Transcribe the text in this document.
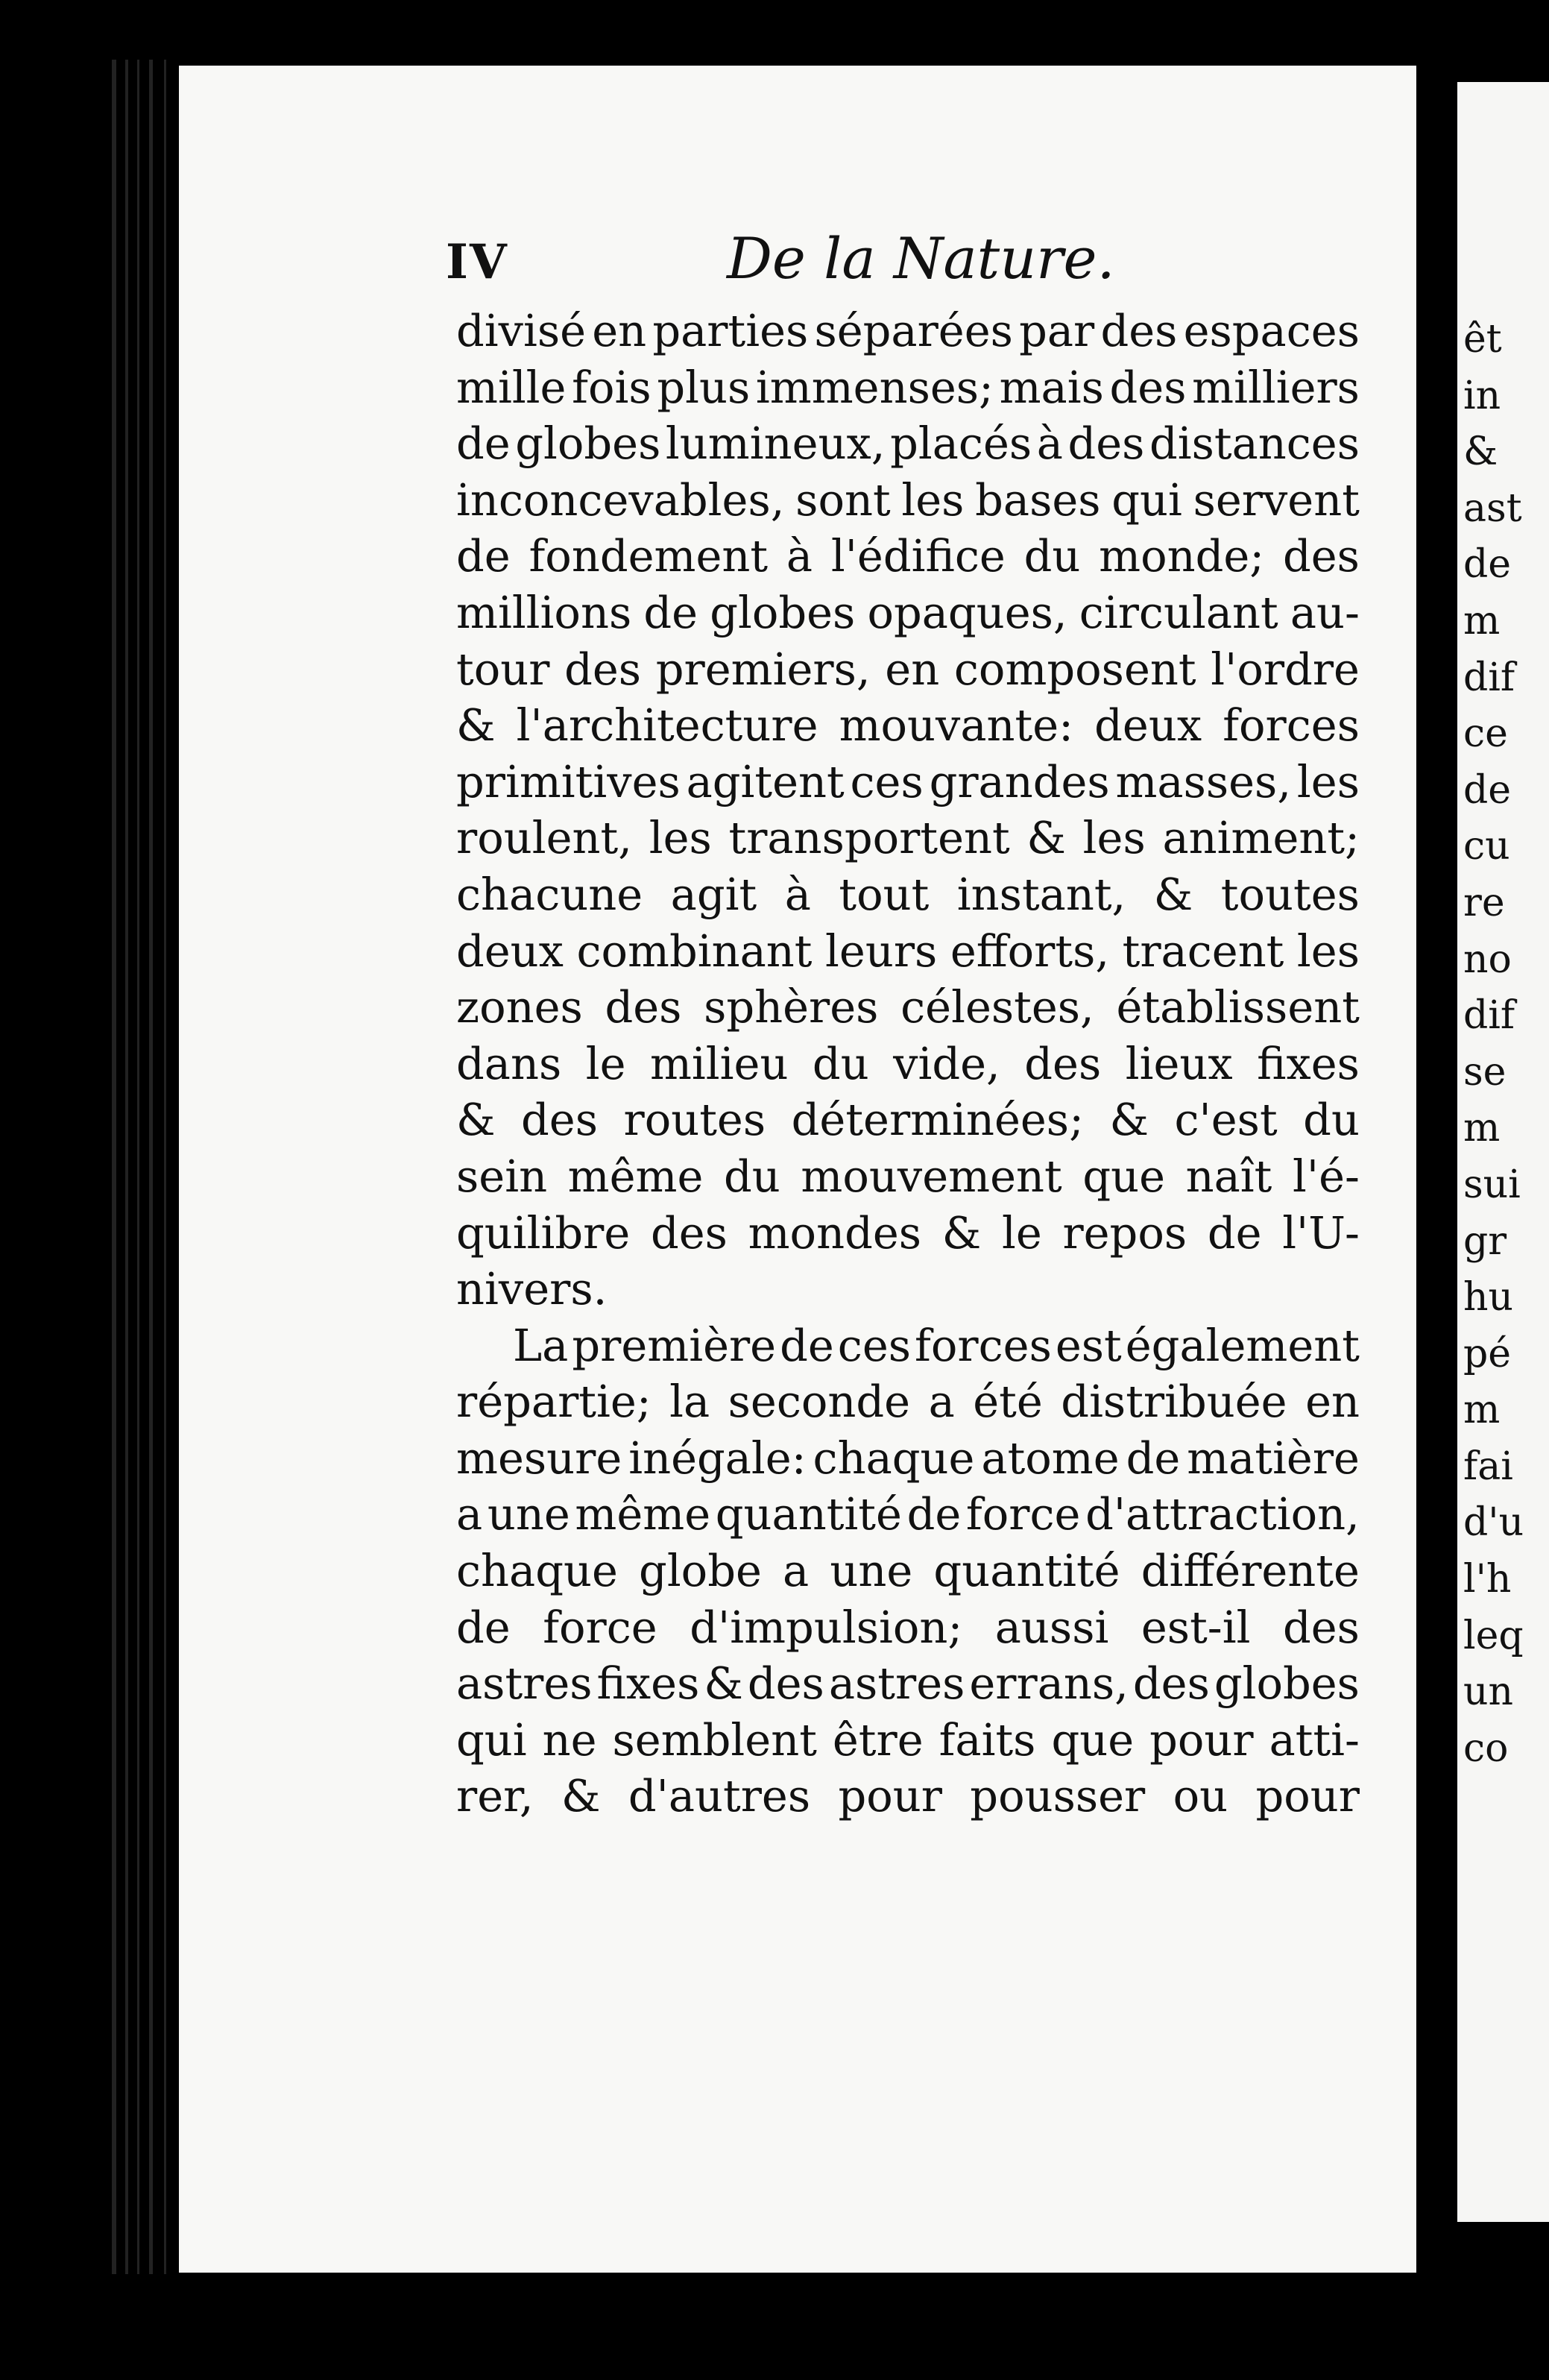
IV	De la Nature.
divisé en parties séparées par des espaces
mille fois plus immenses; mais des milliers
de globes lumineux, placés à des distances
inconcevables, sont les bases qui servent
de fondement à l'édifice du monde; des
millions de globes opaques, circulant au-
tour des premiers, en composent l'ordre
& l'architecture mouvante: deux forces
primitives agitent ces grandes masses, les
roulent, les transportent & les animent;
chacune agit à tout instant, & toutes
deux combinant leurs efforts, tracent les
zones des sphères célestes, établissent
dans le milieu du vide, des lieux fixes
& des routes déterminées; & c'est du
sein même du mouvement que naît l'é-
quilibre des mondes & le repos de l'U-
nivers.
La première de ces forces est également
répartie; la seconde a été distribuée en
mesure inégale: chaque atome de matière
a une même quantité de force d'attraction,
chaque globe a une quantité différente
de force d'impulsion; aussi est-il des
astres fixes & des astres errans, des globes
qui ne semblent être faits que pour atti-
rer, & d'autres pour pousser ou pour
êt
in
&
ast
de
m
dif
ce
de
cu
re
no
dif
se
m
sui
gr
hu
pé
m
fai
d'u
l'h
leq
un
co
